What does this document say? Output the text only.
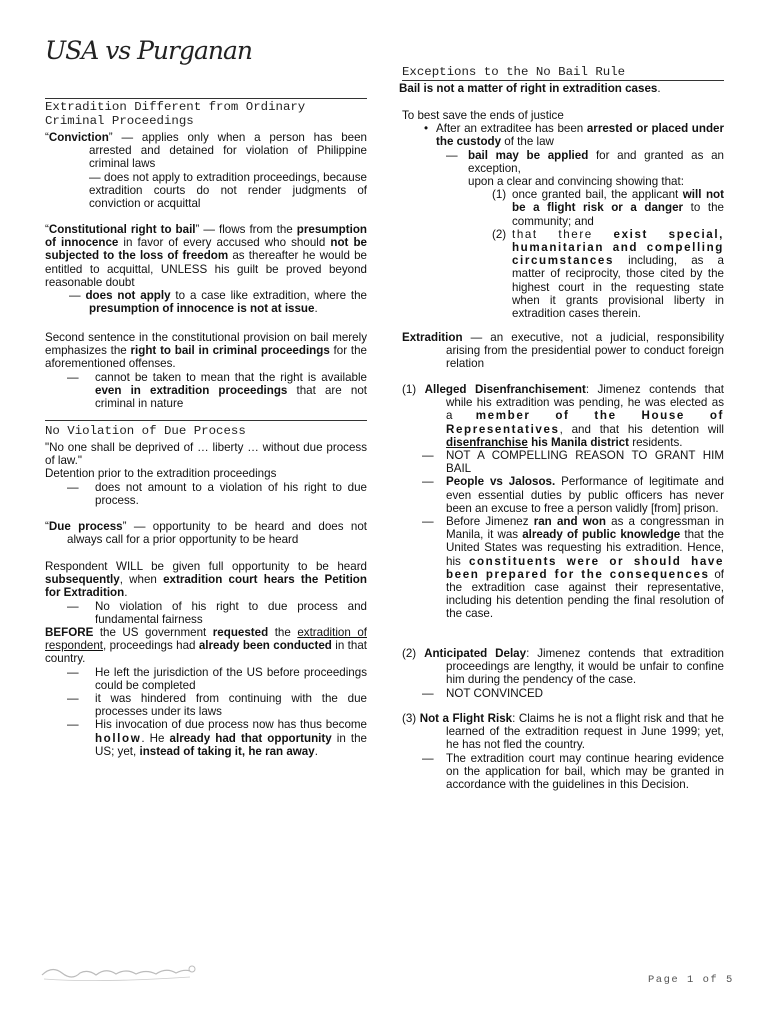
USA vs Purganan
Extradition Different from Ordinary
Criminal Proceedings

“Conviction” — applies only when a person has been arrested and detained for violation of Philippine criminal laws

— does not apply to extradition proceedings, because extradition courts do not render judgments of conviction or acquittal

“Constitutional right to bail” — flows from the presumption of innocence in favor of every accused who should not be subjected to the loss of freedom as thereafter he would be entitled to acquittal, UNLESS his guilt be proved beyond reasonable doubt

— does not apply to a case like extradition, where the presumption of innocence is not at issue.

Second sentence in the constitutional provision on bail merely emphasizes the right to bail in criminal proceedings for the aforementioned offenses.

—	cannot be taken to mean that the right is available even in extradition proceedings that are not criminal in nature

No Violation of Due Process

"No one shall be deprived of … liberty … without due process of law."

Detention prior to the extradition proceedings

—	does not amount to a violation of his right to due process.

“Due process” — opportunity to be heard and does not always call for a prior opportunity to be heard

Respondent WILL be given full opportunity to be heard subsequently, when extradition court hears the Petition for Extradition.

—	No violation of his right to due process and fundamental fairness

BEFORE the US government requested the extradition of respondent, proceedings had already been conducted in that country.

—	He left the jurisdiction of the US before proceedings could be completed

—	it was hindered from continuing with the due processes under its laws

—	His invocation of due process now has thus become hollow. He already had that opportunity in the US; yet, instead of taking it, he ran away.

Exceptions to the No Bail Rule
Bail is not a matter of right in extradition cases.

To best save the ends of justice

• After an extraditee has been arrested or placed under the custody of the law

— bail may be applied for and granted as an exception,

upon a clear and convincing showing that:

(1) once granted bail, the applicant will not be a flight risk or a danger to the community; and

(2) that there exist special, humanitarian and compelling circumstances including, as a matter of reciprocity, those cited by the highest court in the requesting state when it grants provisional liberty in extradition cases therein.

Extradition — an executive, not a judicial, responsibility arising from the presidential power to conduct foreign relation

(1) Alleged Disenfranchisement: Jimenez contends that while his extradition was pending, he was elected as a member of the House of Representatives, and that his detention will disenfranchise his Manila district residents.

—	NOT A COMPELLING REASON TO GRANT HIM BAIL

—	People vs Jalosos. Performance of legitimate and even essential duties by public officers has never been an excuse to free a person validly [from] prison.

—	Before Jimenez ran and won as a congressman in Manila, it was already of public knowledge that the United States was requesting his extradition. Hence, his constituents were or should have been prepared for the consequences of the extradition case against their representative, including his detention pending the final resolution of the case.

(2) Anticipated Delay: Jimenez contends that extradition proceedings are lengthy, it would be unfair to confine him during the pendency of the case.

—	NOT CONVINCED

(3) Not a Flight Risk: Claims he is not a flight risk and that he learned of the extradition request in June 1999; yet, he has not fled the country.

—	The extradition court may continue hearing evidence on the application for bail, which may be granted in accordance with the guidelines in this Decision.

Page 1 of 5
